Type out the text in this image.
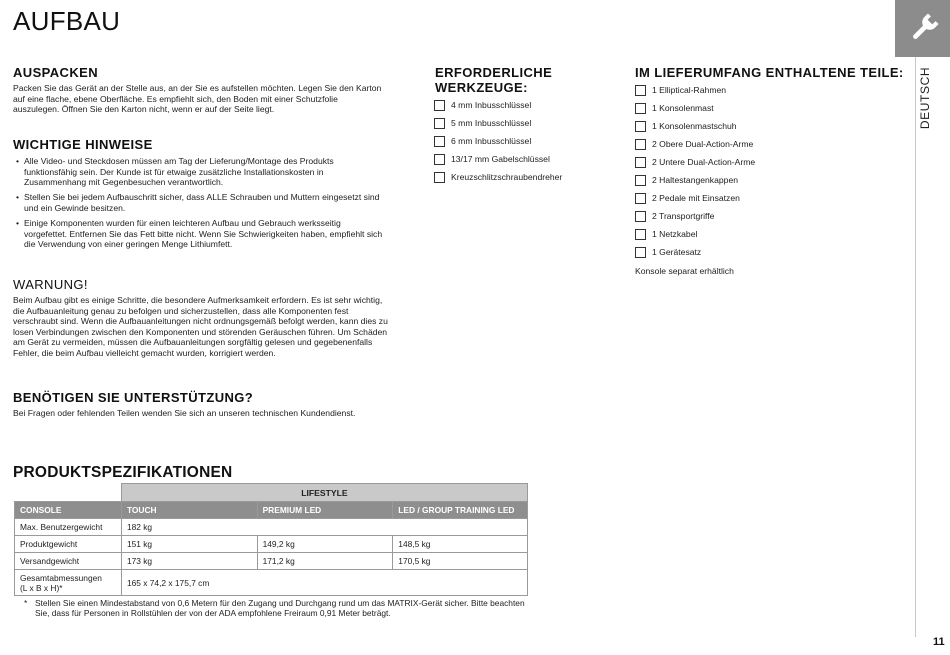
AUFBAU
DEUTSCH
AUSPACKEN

Packen Sie das Gerät an der Stelle aus, an der Sie es aufstellen möchten. Legen Sie den Karton auf eine flache, ebene Oberfläche. Es empfiehlt sich, den Boden mit einer Schutzfolie auszulegen. Öffnen Sie den Karton nicht, wenn er auf der Seite liegt.

WICHTIGE HINWEISE
• Alle Video- und Steckdosen müssen am Tag der Lieferung/Montage des Produkts funktionsfähig sein. Der Kunde ist für etwaige zusätzliche Installationskosten in Zusammenhang mit Gegenbesuchen verantwortlich.
• Stellen Sie bei jedem Aufbauschritt sicher, dass ALLE Schrauben und Muttern eingesetzt sind und ein Gewinde besitzen.
• Einige Komponenten wurden für einen leichteren Aufbau und Gebrauch werksseitig vorgefettet. Entfernen Sie das Fett bitte nicht. Wenn Sie Schwierigkeiten haben, empfiehlt sich die Verwendung von einer geringen Menge Lithiumfett.
WARNUNG!

Beim Aufbau gibt es einige Schritte, die besondere Aufmerksamkeit erfordern. Es ist sehr wichtig, die Aufbauanleitung genau zu befolgen und sicherzustellen, dass alle Komponenten fest verschraubt sind. Wenn die Aufbauanleitungen nicht ordnungsgemäß befolgt werden, kann dies zu losen Verbindungen zwischen den Komponenten und störenden Geräuschen führen. Um Schäden am Gerät zu vermeiden, müssen die Aufbauanleitungen sorgfältig gelesen und gegebenenfalls Fehler, die beim Aufbau vielleicht gemacht wurden, korrigiert werden.

BENÖTIGEN SIE UNTERSTÜTZUNG?

Bei Fragen oder fehlenden Teilen wenden Sie sich an unseren technischen Kundendienst.

ERFORDERLICHE
WERKZEUGE:
4 mm Inbusschlüssel
5 mm Inbusschlüssel
6 mm Inbusschlüssel
13/17 mm Gabelschlüssel
Kreuzschlitzschraubendreher
IM LIEFERUMFANG ENTHALTENE TEILE:
1 Elliptical-Rahmen
1 Konsolenmast
1 Konsolenmastschuh
2 Obere Dual-Action-Arme
2 Untere Dual-Action-Arme
2 Haltestangenkappen
2 Pedale mit Einsatzen
2 Transportgriffe
1 Netzkabel
1 Gerätesatz

Konsole separat erhältlich

PRODUKTSPEZIFIKATIONEN
	LIFESTYLE		
CONSOLE	TOUCH	PREMIUM LED	LED / GROUP TRAINING LED
Max. Benutzergewicht	182 kg		
Produktgewicht	151 kg	149,2 kg	148,5 kg
Versandgewicht	173 kg	171,2 kg	170,5 kg

Gesamtabmessungen
(L x B x H)*	165 x 74,2 x 175,7 cm		
* Stellen Sie einen Mindestabstand von 0,6 Metern für den Zugang und Durchgang rund um das MATRIX-Gerät sicher. Bitte beachten Sie, dass für Personen in Rollstühlen der von der ADA empfohlene Freiraum 0,91 Meter beträgt.
11
